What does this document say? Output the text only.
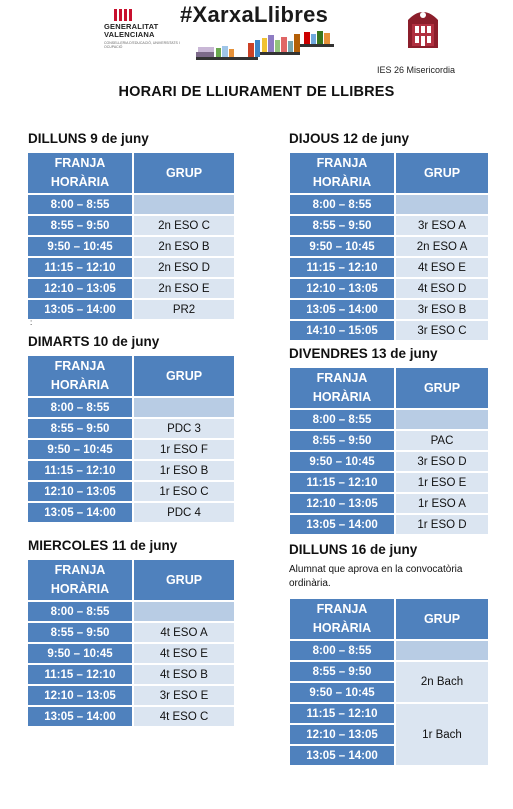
GENERALITAT
VALENCIANA
CONSELLERIA D'EDUCACIÓ, UNIVERSITATS I OCUPACIÓ
#XarxaLlibres
IES 26 Misericordia
HORARI DE LLIURAMENT DE LLIBRES
DILLUNS 9 de juny
FRANJA HORÀRIA	GRUP
8:00 – 8:55	
8:55 – 9:50	2n ESO C
9:50 – 10:45	2n ESO B
11:15 – 12:10	2n ESO D
12:10 – 13:05	2n ESO E
13:05 – 14:00	PR2
:
DIMARTS 10 de juny
FRANJA HORÀRIA	GRUP
8:00 – 8:55	
8:55 – 9:50	PDC 3
9:50 – 10:45	1r ESO F
11:15 – 12:10	1r ESO B
12:10 – 13:05	1r ESO C
13:05 – 14:00	PDC 4
MIERCOLES 11 de juny
FRANJA HORÀRIA	GRUP
8:00 – 8:55	
8:55 – 9:50	4t ESO A
9:50 – 10:45	4t ESO E
11:15 – 12:10	4t ESO B
12:10 – 13:05	3r ESO E
13:05 – 14:00	4t ESO C
DIJOUS 12 de juny
FRANJA HORÀRIA	GRUP
8:00 – 8:55	
8:55 – 9:50	3r ESO A
9:50 – 10:45	2n ESO A
11:15 – 12:10	4t ESO E
12:10 – 13:05	4t ESO D
13:05 – 14:00	3r ESO B
14:10 – 15:05	3r ESO C
DIVENDRES 13 de juny
FRANJA HORÀRIA	GRUP
8:00 – 8:55	
8:55 – 9:50	PAC
9:50 – 10:45	3r ESO D
11:15 – 12:10	1r ESO E
12:10 – 13:05	1r ESO A
13:05 – 14:00	1r ESO D
DILLUNS 16 de juny
Alumnat que aprova en la convocatòria ordinària.
FRANJA HORÀRIA	GRUP
8:00 – 8:55	
8:55 – 9:50	2n Bach
9:50 – 10:45	
11:15 – 12:10	1r Bach
12:10 – 13:05	
13:05 – 14:00	
